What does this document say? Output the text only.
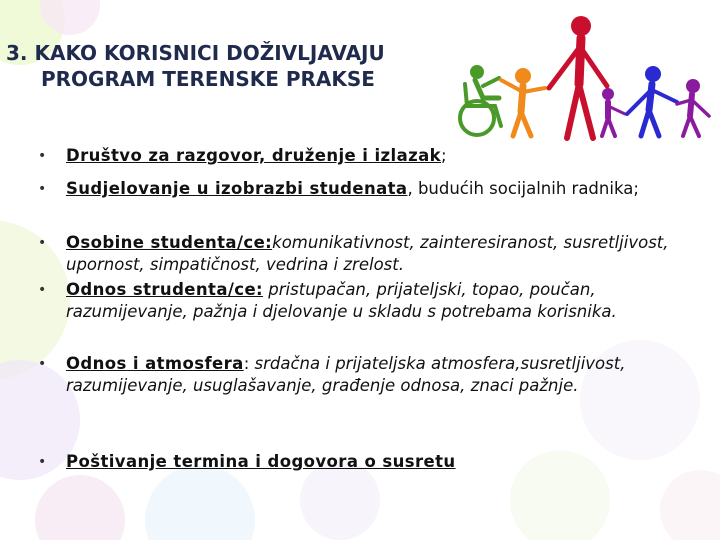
3. KAKO KORISNICI DOŽIVLJAVAJU
PROGRAM TERENSKE PRAKSE
• Društvo za razgovor, druženje i izlazak;
• Sudjelovanje u izobrazbi studenata, budućih socijalnih radnika;
• Osobine studenta/ce:komunikativnost, zainteresiranost, susretljivost, upornost, simpatičnost, vedrina i zrelost.
• Odnos strudenta/ce: pristupačan, prijateljski, topao, poučan, razumijevanje, pažnja i djelovanje u skladu s potrebama korisnika.
• Odnos i atmosfera: srdačna i prijateljska atmosfera,susretljivost, razumijevanje, usuglašavanje, građenje odnosa, znaci pažnje.
• Poštivanje termina i dogovora o susretu
